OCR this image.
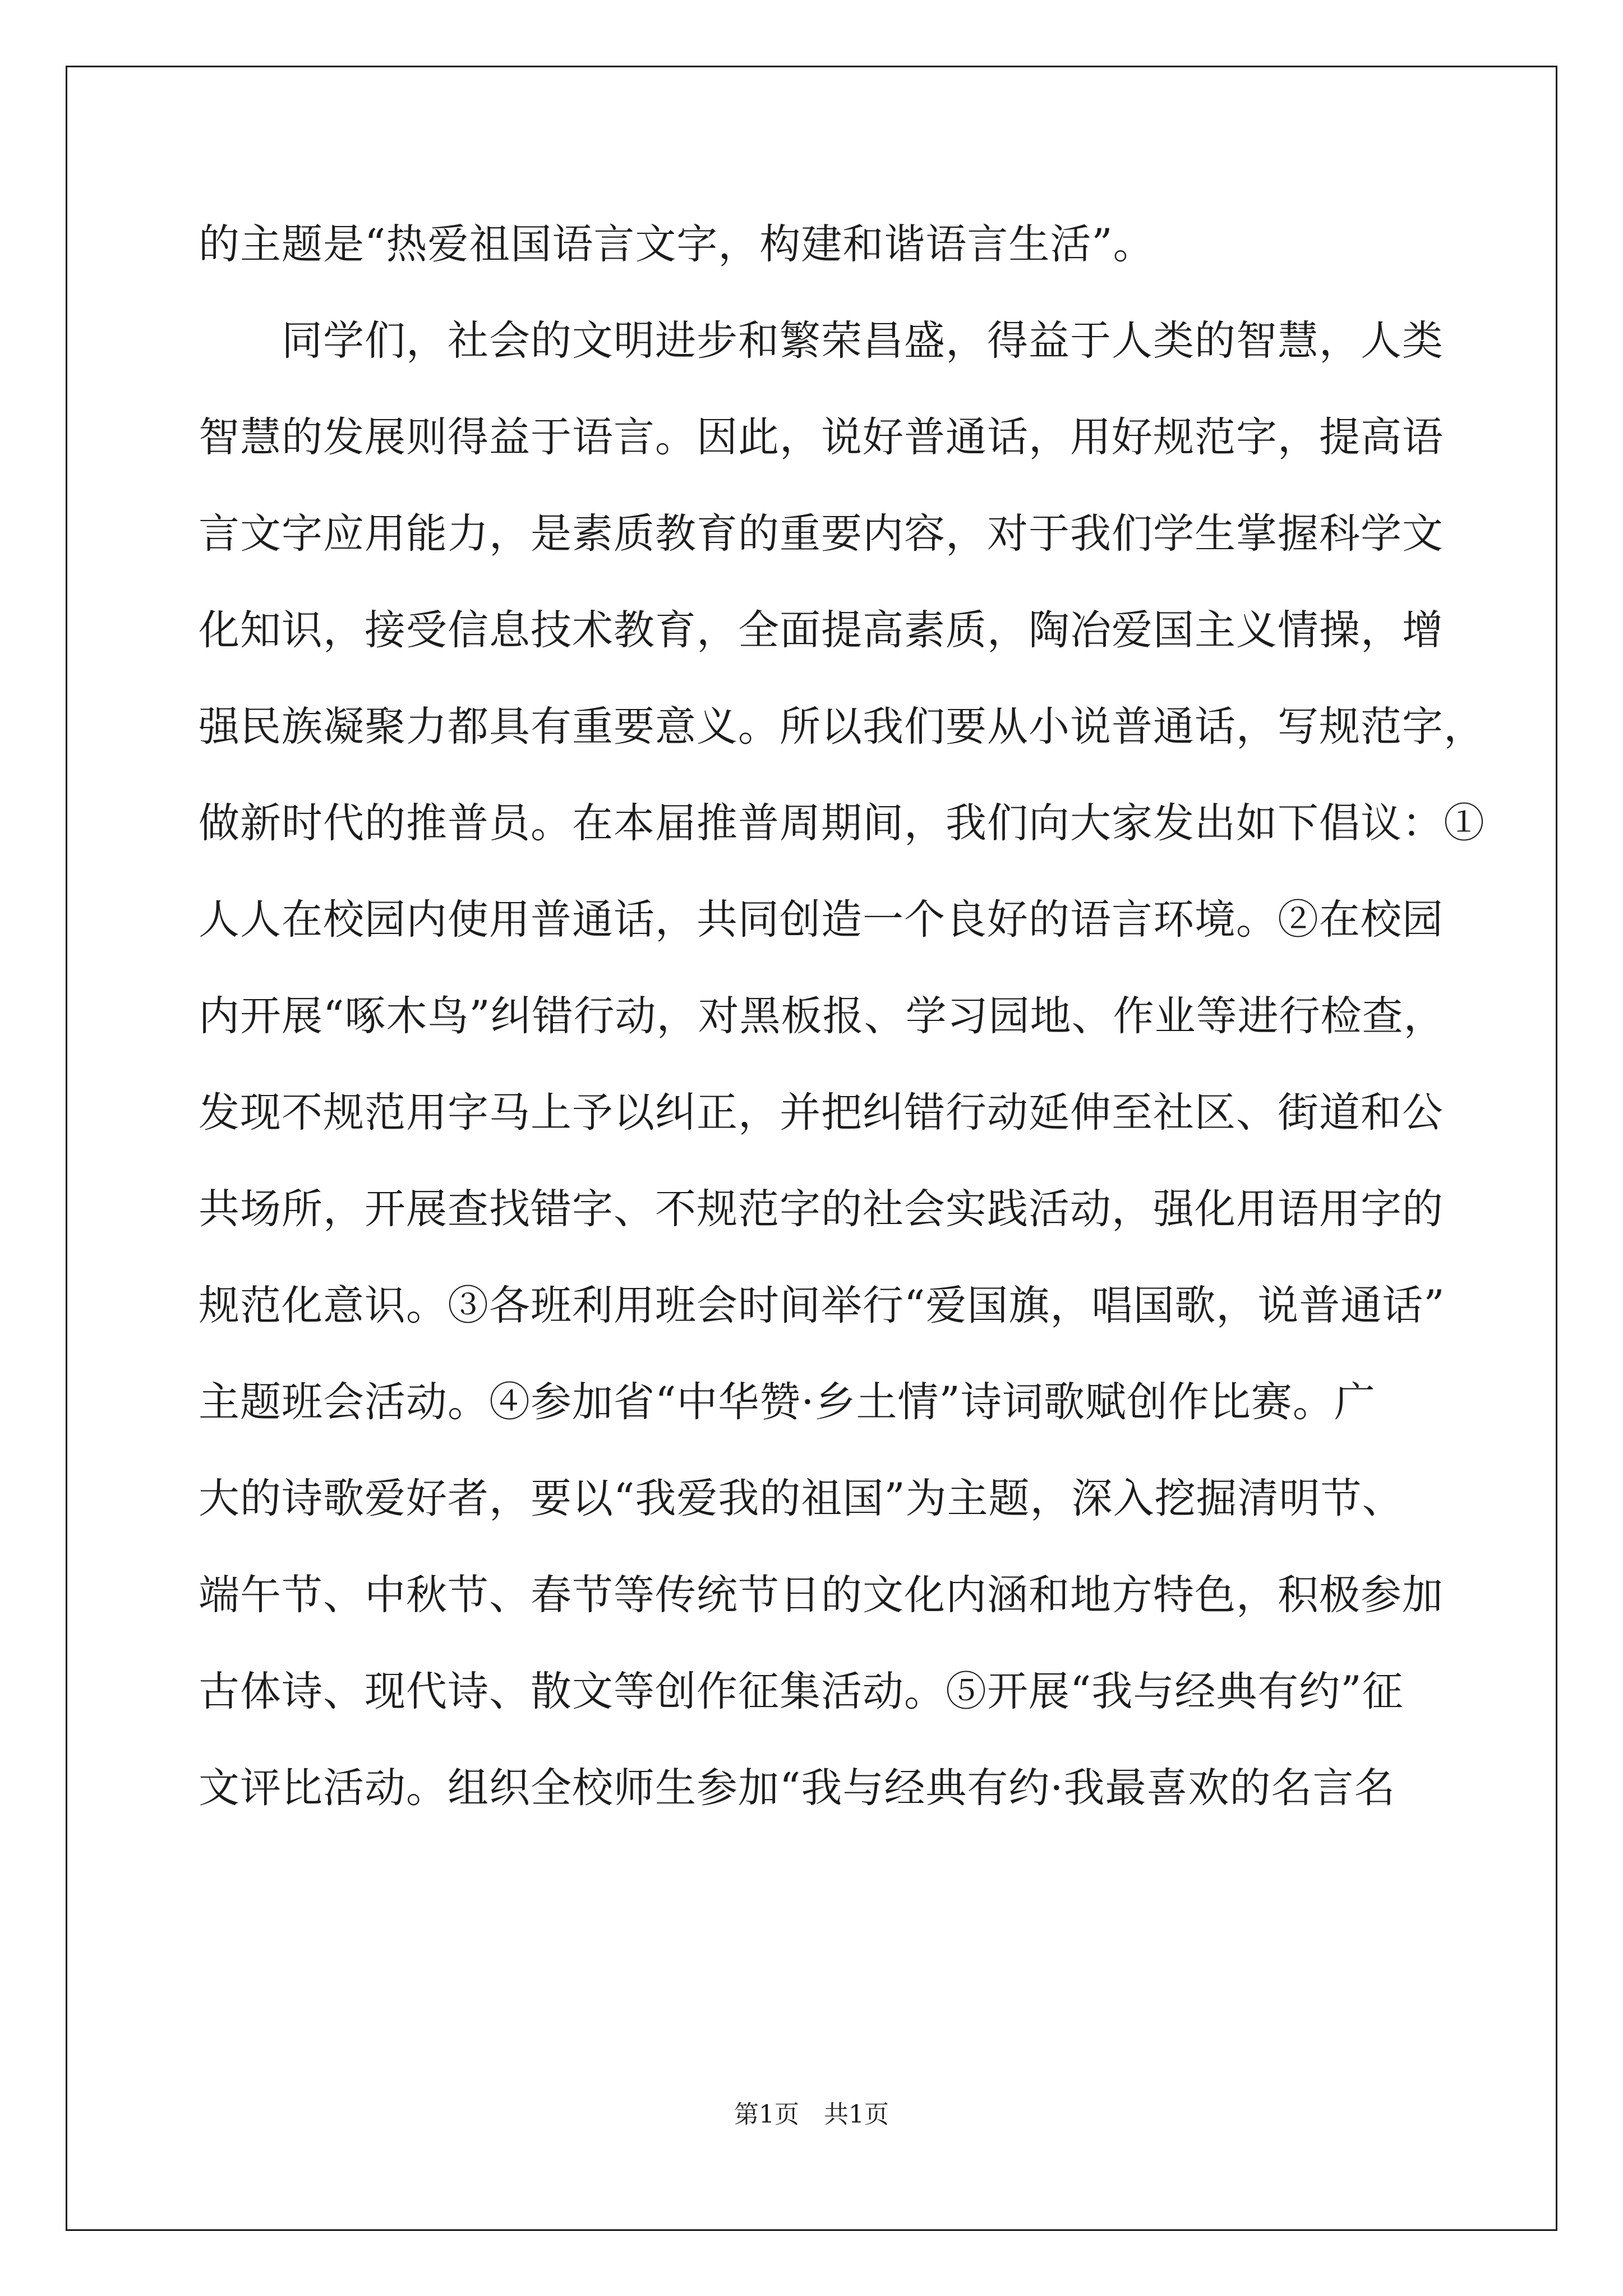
的主题是“热爱祖国语言文字，构建和谐语言生活”。
　　同学们，社会的文明进步和繁荣昌盛，得益于人类的智慧，人类
智慧的发展则得益于语言。因此，说好普通话，用好规范字，提高语
言文字应用能力，是素质教育的重要内容，对于我们学生掌握科学文
化知识，接受信息技术教育，全面提高素质，陶冶爱国主义情操，增
强民族凝聚力都具有重要意义。所以我们要从小说普通话，写规范字，
做新时代的推普员。在本届推普周期间，我们向大家发出如下倡议：①
人人在校园内使用普通话，共同创造一个良好的语言环境。②在校园
内开展“啄木鸟”纠错行动，对黑板报、学习园地、作业等进行检查，
发现不规范用字马上予以纠正，并把纠错行动延伸至社区、街道和公
共场所，开展查找错字、不规范字的社会实践活动，强化用语用字的
规范化意识。③各班利用班会时间举行“爱国旗，唱国歌，说普通话”
主题班会活动。④参加省“中华赞·乡土情”诗词歌赋创作比赛。广
大的诗歌爱好者，要以“我爱我的祖国”为主题，深入挖掘清明节、
端午节、中秋节、春节等传统节日的文化内涵和地方特色，积极参加
古体诗、现代诗、散文等创作征集活动。⑤开展“我与经典有约”征
文评比活动。组织全校师生参加“我与经典有约·我最喜欢的名言名
第1页　共1页
